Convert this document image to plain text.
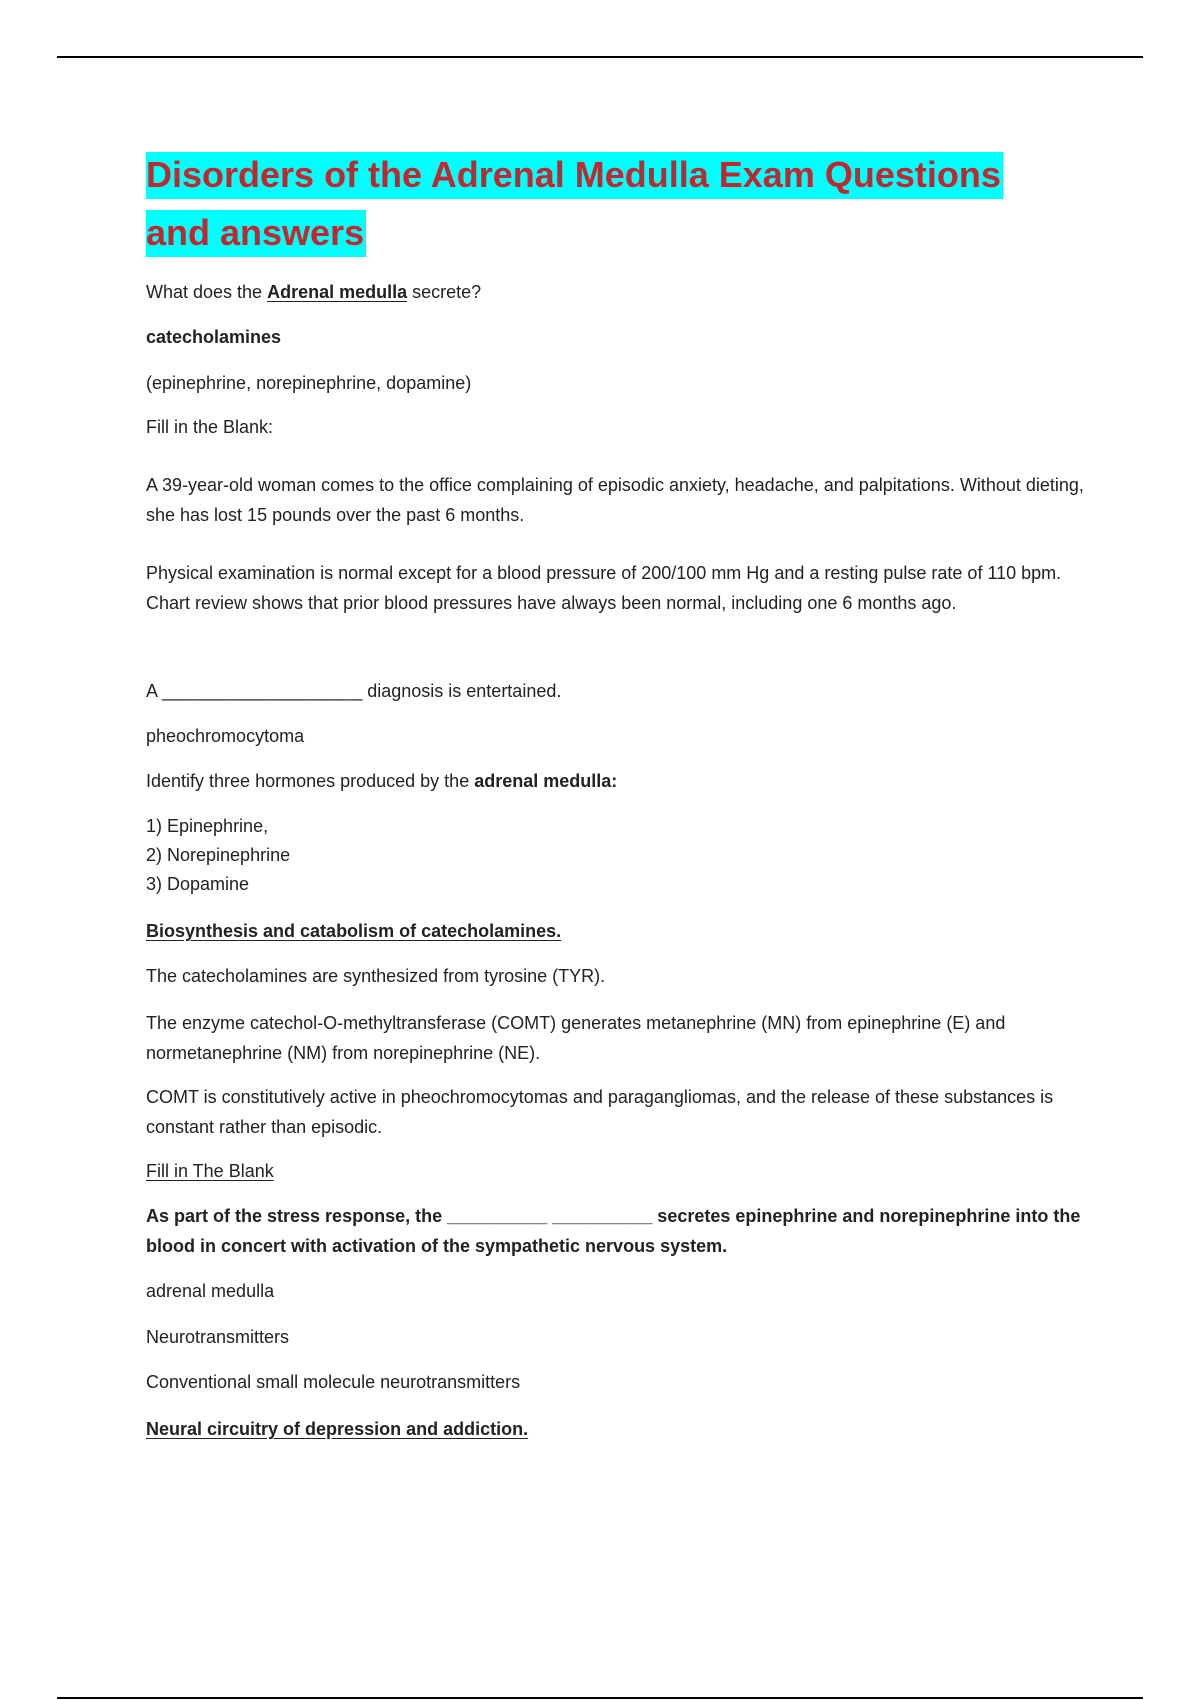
Disorders of the Adrenal Medulla Exam Questions
and answers

What does the Adrenal medulla secrete?

catecholamines

(epinephrine, norepinephrine, dopamine)

Fill in the Blank:

A 39-year-old woman comes to the office complaining of episodic anxiety, headache, and palpitations. Without dieting, she has lost 15 pounds over the past 6 months.

Physical examination is normal except for a blood pressure of 200/100 mm Hg and a resting pulse rate of 110 bpm. Chart review shows that prior blood pressures have always been normal, including one 6 months ago.

A ____________________ diagnosis is entertained.

pheochromocytoma

Identify three hormones produced by the adrenal medulla:

1) Epinephrine,
2) Norepinephrine
3) Dopamine

Biosynthesis and catabolism of catecholamines.

The catecholamines are synthesized from tyrosine (TYR).

The enzyme catechol-O-methyltransferase (COMT) generates metanephrine (MN) from epinephrine (E) and normetanephrine (NM) from norepinephrine (NE).

COMT is constitutively active in pheochromocytomas and paragangliomas, and the release of these substances is constant rather than episodic.

Fill in The Blank

As part of the stress response, the __________ __________ secretes epinephrine and norepinephrine into the blood in concert with activation of the sympathetic nervous system.

adrenal medulla

Neurotransmitters

Conventional small molecule neurotransmitters

Neural circuitry of depression and addiction.
